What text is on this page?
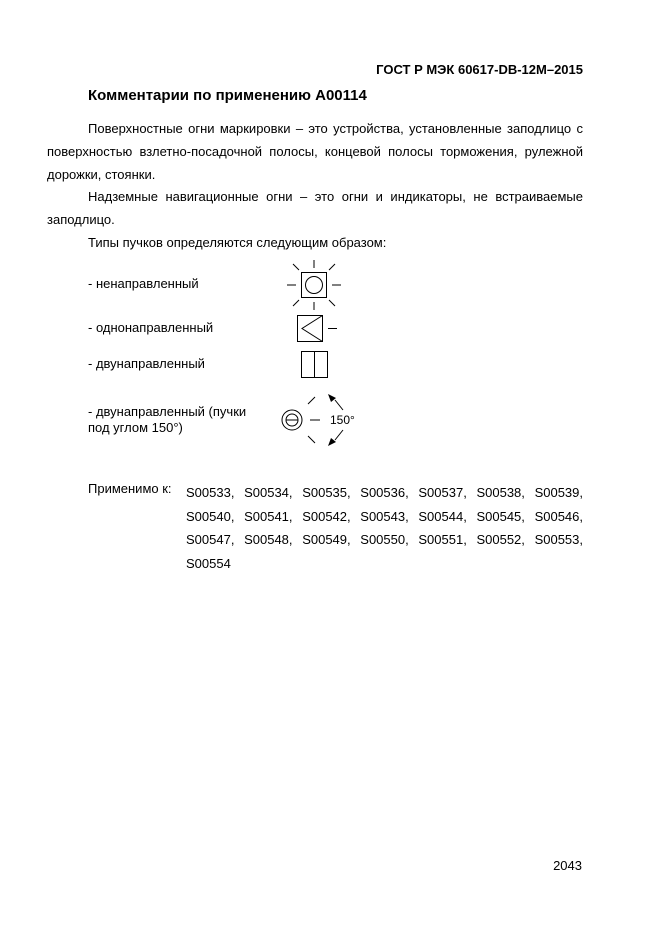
ГОСТ Р МЭК 60617-DB-12M–2015
Комментарии по применению A00114
Поверхностные огни маркировки – это устройства, установленные заподлицо с поверхностью взлетно-посадочной полосы, концевой полосы торможения, рулежной дорожки, стоянки.
Надземные навигационные огни – это огни и индикаторы, не встраиваемые заподлицо.
Типы пучков определяются следующим образом:
- ненаправленный
- однонаправленный
- двунаправленный
- двунаправленный (пучки
под углом 150°)	150°
Применимо к: S00533, S00534, S00535, S00536, S00537, S00538, S00539,
S00540, S00541, S00542, S00543, S00544, S00545, S00546,
S00547, S00548, S00549, S00550, S00551, S00552, S00553,
S00554
2043
